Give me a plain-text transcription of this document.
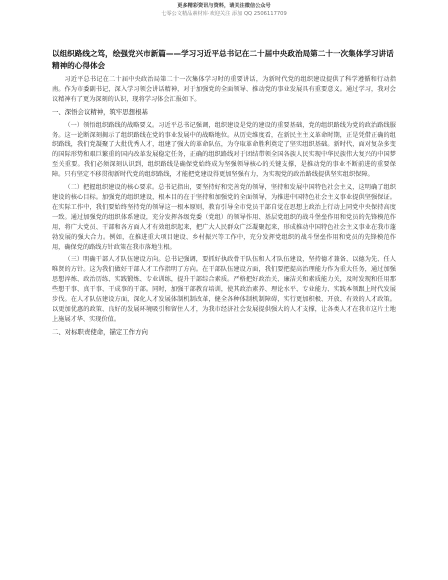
更多精彩资讯与资料，请关注微信公众号
七零公文精品素材库·欢迎关注 添加 QQ 2506117709
以组织路线之笃，绘强党兴市新篇——学习习近平总书记在二十届中央政治局第二十一次集体学习讲话精神的心得体会

习近平总书记在二十届中央政治局第二十一次集体学习时的重要讲话，为新时代党的组织建设提供了科学遵循和行动指南。作为市委副书记，深入学习领会讲话精神，对于加强党的全面领导、推动党的事业发展具有重要意义。通过学习，我对会议精神有了更为深刻的认识，现将学习体会汇报如下。

一、深悟会议精神，筑牢思想根基

（一）领悟组织路线的战略要义。习近平总书记强调，组织建设是党的建设的重要基础，党的组织路线为党的政治路线服务。这一论断深刻揭示了组织路线在党的事业发展中的战略地位。从历史维度看，在新民主主义革命时期，正是凭借正确的组织路线，我们党凝聚了大批优秀人才，组建了强大的革命队伍，为夺取革命胜利奠定了坚实组织基础。新时代，面对复杂多变的国际形势和艰巨繁重的国内改革发展稳定任务，正确的组织路线对于团结带领全国各族人民实现中华民族伟大复兴的中国梦至关重要。我们必须深刻认识到，组织路线是确保党始终成为坚强领导核心的关键支撑，是推动党的事业不断前进的重要保障。只有坚定不移贯彻新时代党的组织路线，才能把党建设得更加坚强有力，为实现党的政治路线提供坚实组织保障。

（二）把握组织建设的核心要求。总书记指出，要坚持好和完善党的领导，坚持和发展中国特色社会主义，这明确了组织建设的核心目标。加强党的组织建设，根本目的在于坚持和加强党的全面领导，为推进中国特色社会主义事业提供坚强保证。在实际工作中，我们要始终坚持党的领导这一根本原则，教育引导全市党员干部自觉在思想上政治上行动上同党中央保持高度一致。通过加强党的组织体系建设，充分发挥各级党委（党组）的领导作用、基层党组织的战斗堡垒作用和党员的先锋模范作用，将广大党员、干部和各方面人才有效组织起来，把广大人民群众广泛凝聚起来，形成推动中国特色社会主义事业在我市蓬勃发展的强大合力。例如，在推进重大项目建设、乡村振兴等工作中，充分发挥党组织的战斗堡垒作用和党员的先锋模范作用，确保党的路线方针政策在我市落地生根。

（三）明确干部人才队伍建设方向。总书记强调，要抓好执政骨干队伍和人才队伍建设，坚持德才兼备、以德为先、任人唯贤的方针。这为我们做好干部人才工作指明了方向。在干部队伍建设方面，我们要把提高治理能力作为重大任务，通过加强思想淬炼、政治历练、实践锻炼、专业训练，提升干部综合素质。严格把好政治关、廉洁关和素质能力关，及时发现和任用那些想干事、真干事、干成事的干部。同时，加强干部教育培训，使其政治素养、理论水平、专业能力、实践本领跟上时代发展步伐。在人才队伍建设方面，深化人才发展体制机制改革，健全各种体制机制障碍，实行更加积极、开放、有效的人才政策。以更加优惠的政策、良好的发展环境吸引和留住人才，为我市经济社会发展提供强大的人才支撑，让各类人才在我市这片土地上施展才华、实现价值。

二、对标职责使命，锚定工作方向
